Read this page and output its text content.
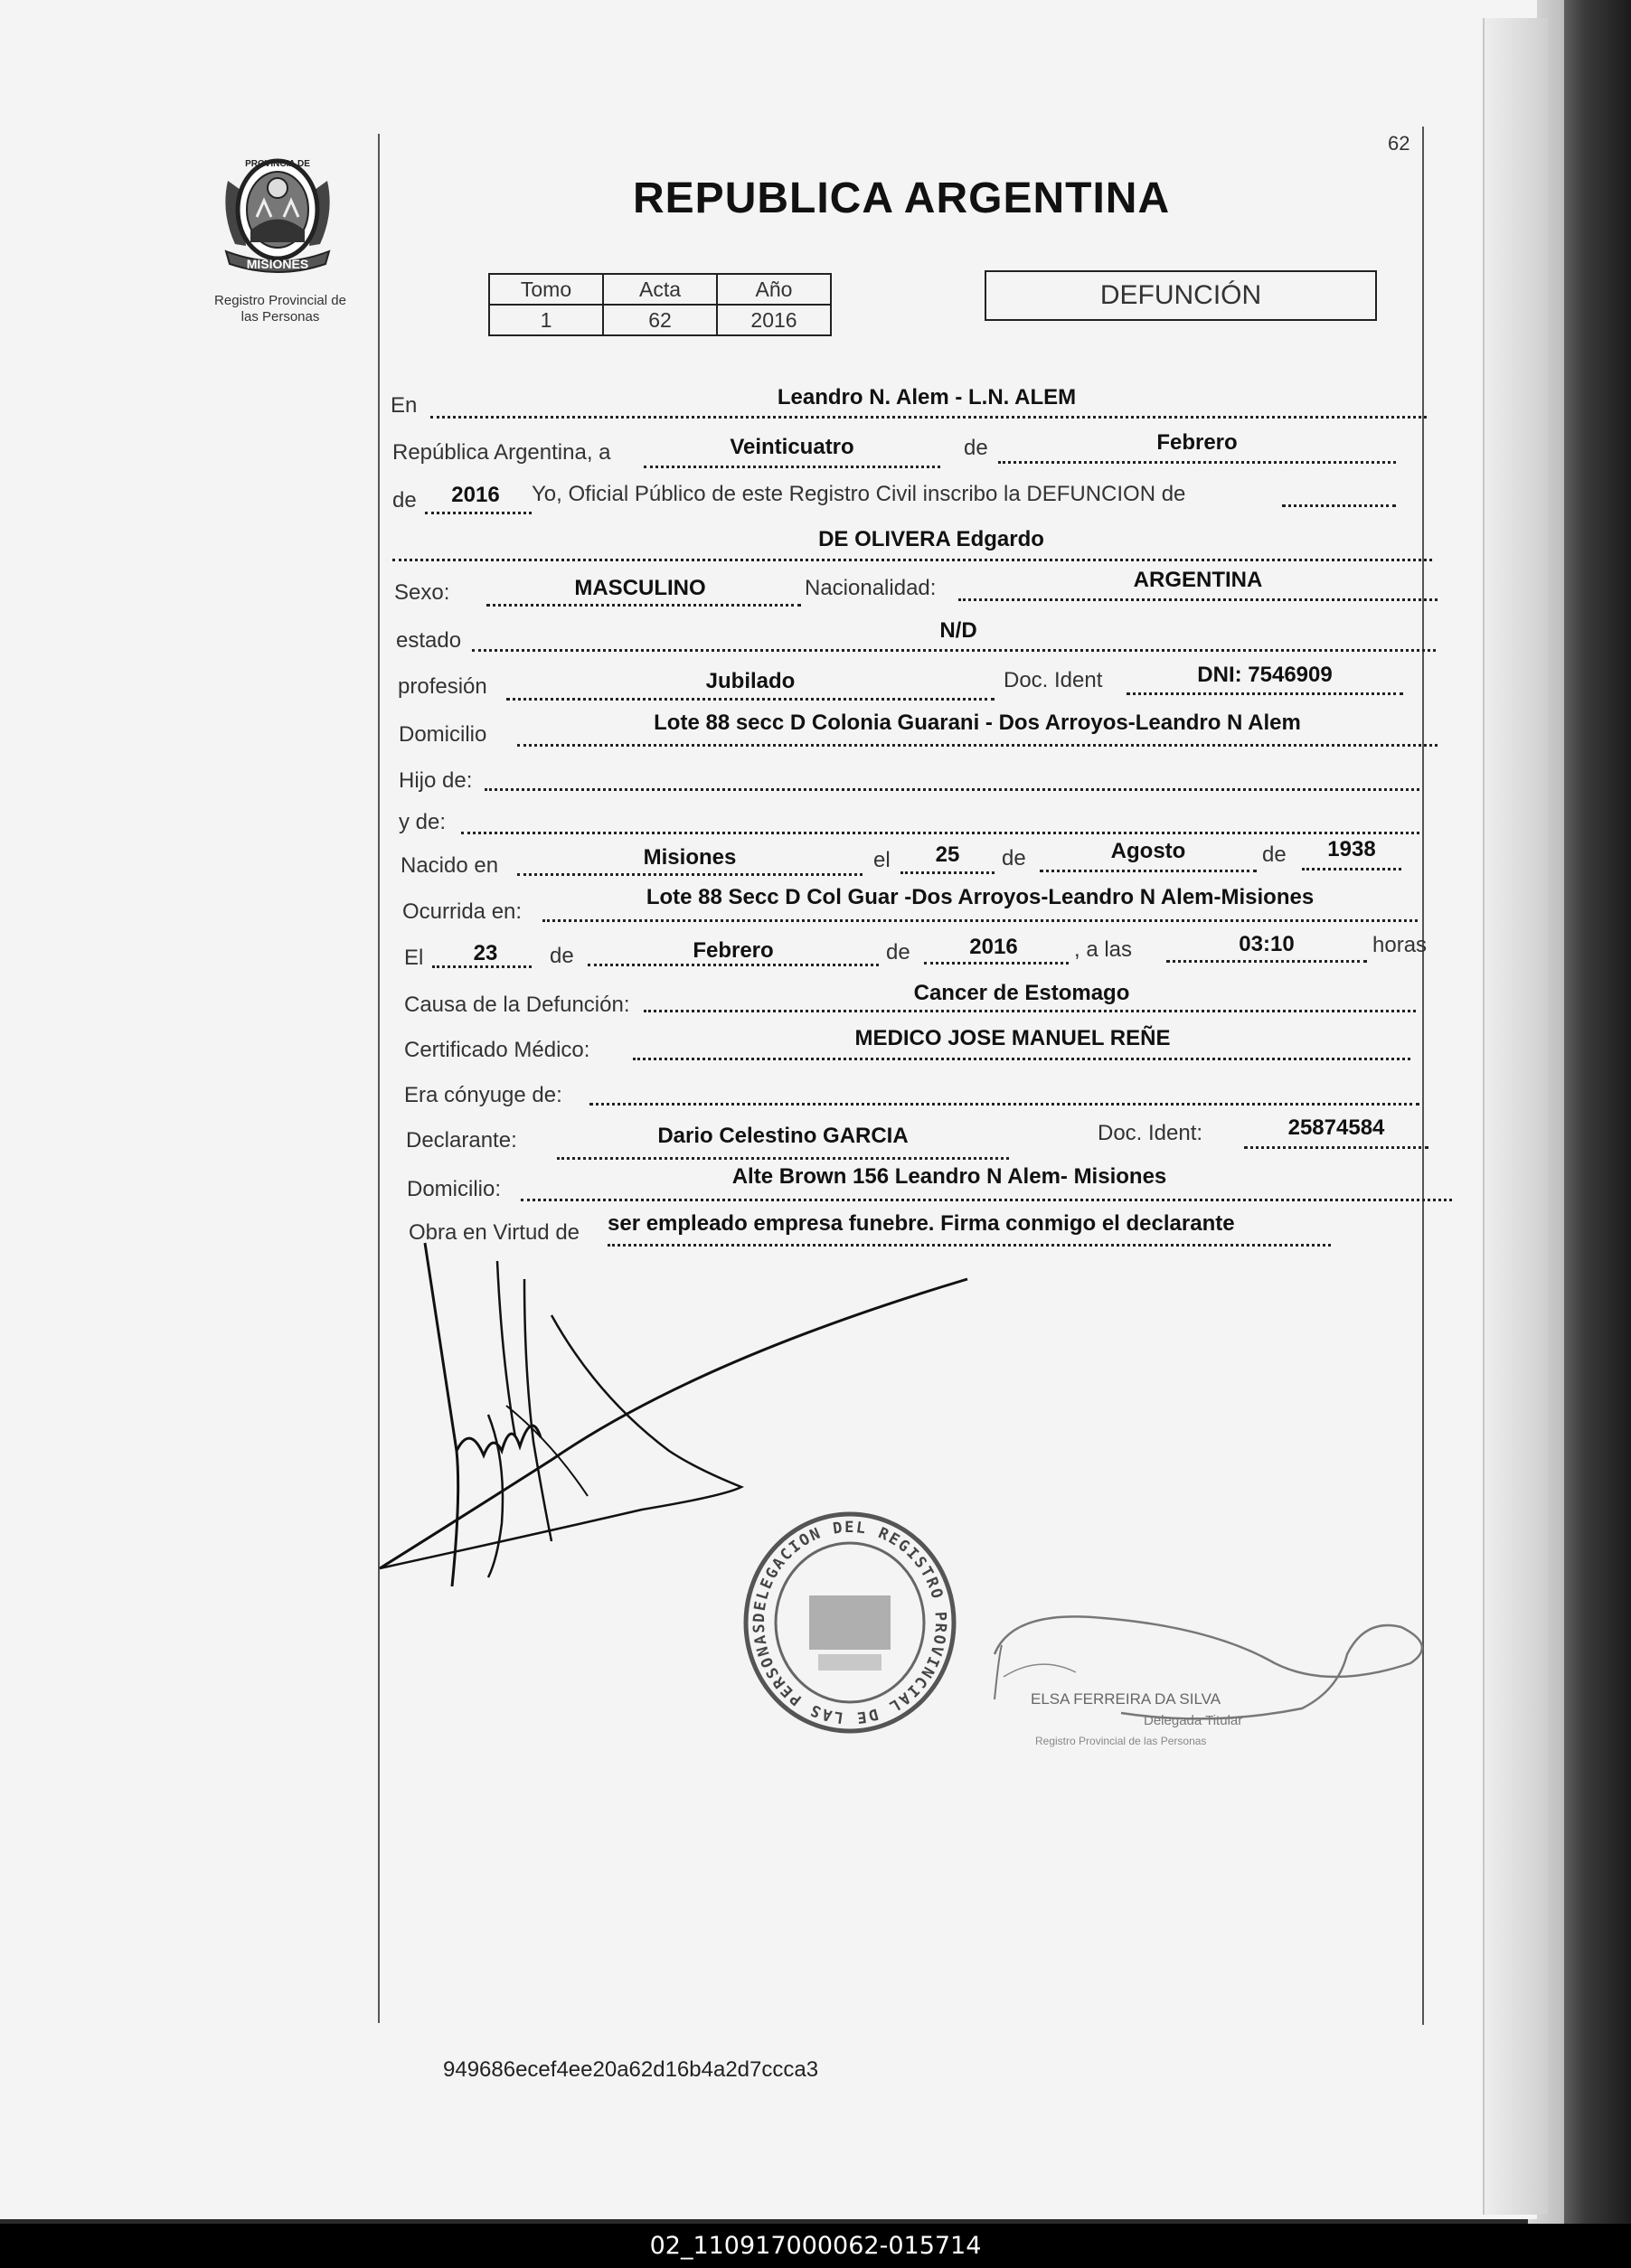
MISIONES
PROVINCIA DE
Registro Provincial de
las Personas
62
REPUBLICA ARGENTINA
Tomo	Acta	Año
1	62	2016
DEFUNCIÓN
En	Leandro N. Alem - L.N. ALEM
República Argentina, a	Veinticuatro	de	Febrero
de	2016	Yo, Oficial Público de este Registro Civil inscribo la DEFUNCION de
DE OLIVERA Edgardo
Sexo:	MASCULINO	Nacionalidad:	ARGENTINA
estado	N/D
profesión	Jubilado	Doc. Ident	DNI: 7546909
Domicilio	Lote 88 secc D Colonia Guarani - Dos Arroyos-Leandro N Alem
Hijo de:
y de:
Nacido en	Misiones	el	25	de	Agosto	de	1938
Ocurrida en:
Lote 88 Secc D Col Guar -Dos Arroyos-Leandro N Alem-Misiones
El	23	de	Febrero	de	2016	, a las	03:10	horas
Causa de la Defunción:	Cancer de Estomago
Certificado Médico:	MEDICO JOSE MANUEL REÑE
Era cónyuge de:
Declarante:	Dario Celestino GARCIA	Doc. Ident:	25874584
Domicilio:
Alte Brown 156 Leandro N Alem- Misiones
Obra en Virtud de ser empleado empresa funebre. Firma conmigo el declarante
DELEGACION DEL REGISTRO PROVINCIAL DE LAS PERSONAS
ELSA FERREIRA DA SILVA
Delegada Titular
Registro Provincial de las Personas
949686ecef4ee20a62d16b4a2d7ccca3
02_110917000062-015714
